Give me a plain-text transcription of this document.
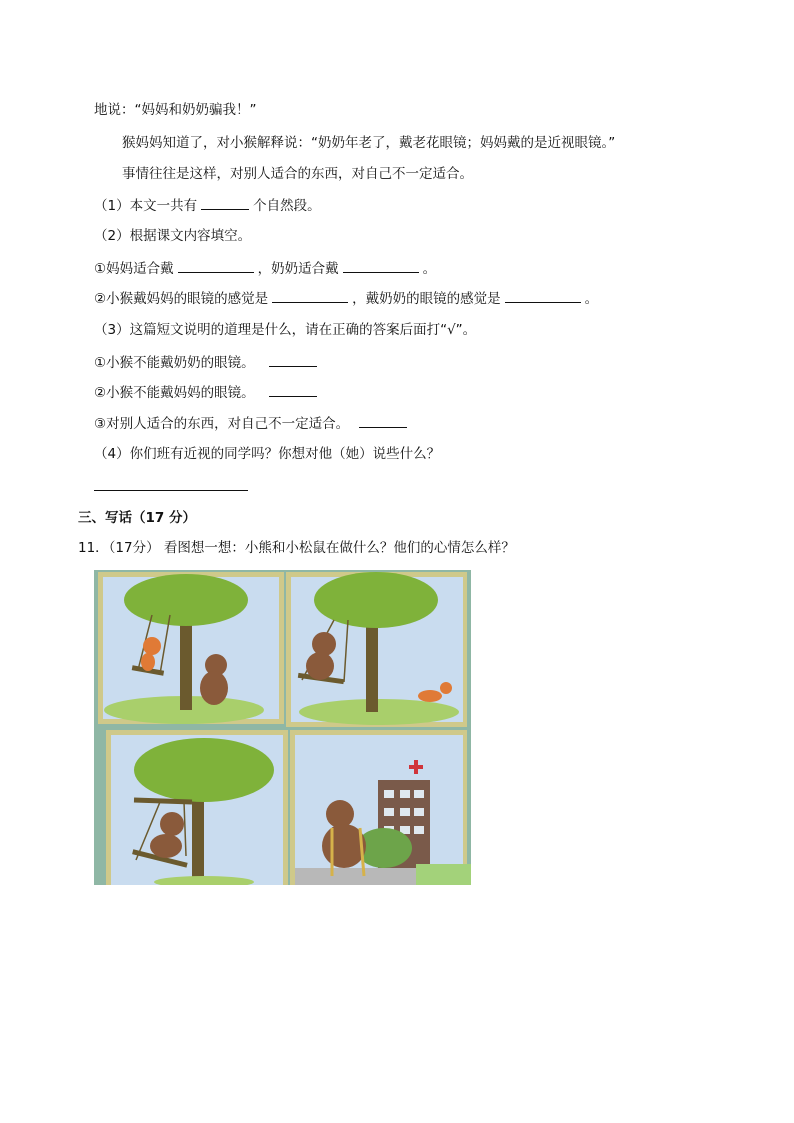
地说：“妈妈和奶奶骗我！”
猴妈妈知道了，对小猴解释说：“奶奶年老了，戴老花眼镜；妈妈戴的是近视眼镜。”
事情往往是这样，对别人适合的东西，对自己不一定适合。
（1）本文一共有	个自然段。
（2）根据课文内容填空。
①妈妈适合戴	，奶奶适合戴	。
②小猴戴妈妈的眼镜的感觉是	，戴奶奶的眼镜的感觉是	。
（3）这篇短文说明的道理是什么，请在正确的答案后面打“√”。
①小猴不能戴奶奶的眼镜。
②小猴不能戴妈妈的眼镜。
③对别人适合的东西，对自己不一定适合。
（4）你们班有近视的同学吗？你想对他（她）说些什么？
三、写话（17 分）
11．（17分） 看图想一想：小熊和小松鼠在做什么？他们的心情怎么样？
